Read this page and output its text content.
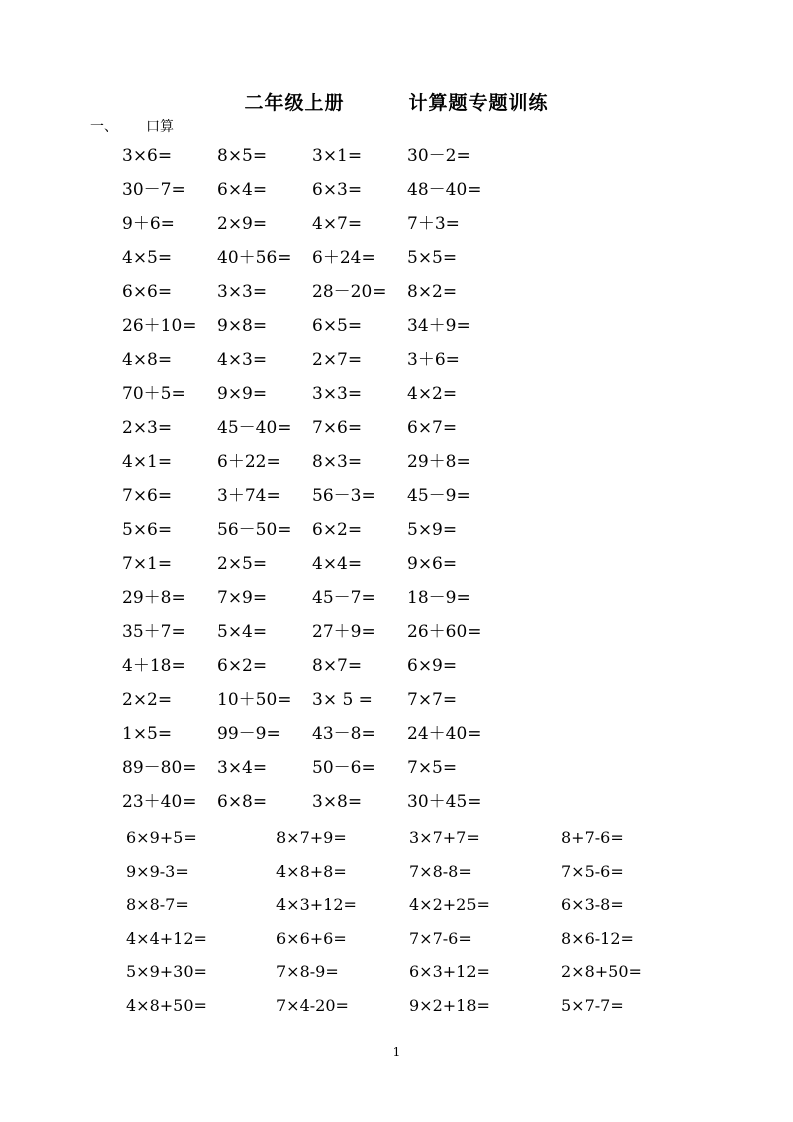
二年级上册	计算题专题训练
一、 口算
3×6=	8×5=	3×1=	30－2=
30－7= 6×4=	6×3=	48－40=
9＋6= 2×9=	4×7=	7＋3=
4×5=	40＋56= 6＋24= 5×5=
6×6=	3×3=	28－20= 8×2=
26＋10= 9×8=	6×5=	34＋9=
4×8=	4×3=	2×7=	3＋6=
70＋5= 9×9=	3×3=	4×2=
2×3=	45－40= 7×6=	6×7=
4×1=	6＋22= 8×3=	29＋8=
7×6=	3＋74= 56－3= 45－9=
5×6=	56－50= 6×2=	5×9=
7×1=	2×5=	4×4=	9×6=
29＋8= 7×9=	45－7= 18－9=
35＋7= 5×4=	27＋9= 26＋60=
4＋18= 6×2=	8×7=	6×9=
2×2=	10＋50= 3× 5 = 7×7=
1×5=	99－9= 43－8= 24＋40=
89－80= 3×4=	50－6= 7×5=
23＋40= 6×8=	3×8=	30＋45=
6×9+5=	8×7+9=	3×7+7=	8+7-6=
9×9-3=	4×8+8=	7×8-8=	7×5-6=
8×8-7=	4×3+12=	4×2+25=	6×3-8=
4×4+12=	6×6+6=	7×7-6=	8×6-12=
5×9+30=	7×8-9=	6×3+12=	2×8+50=
4×8+50=	7×4-20=	9×2+18=	5×7-7=
1
